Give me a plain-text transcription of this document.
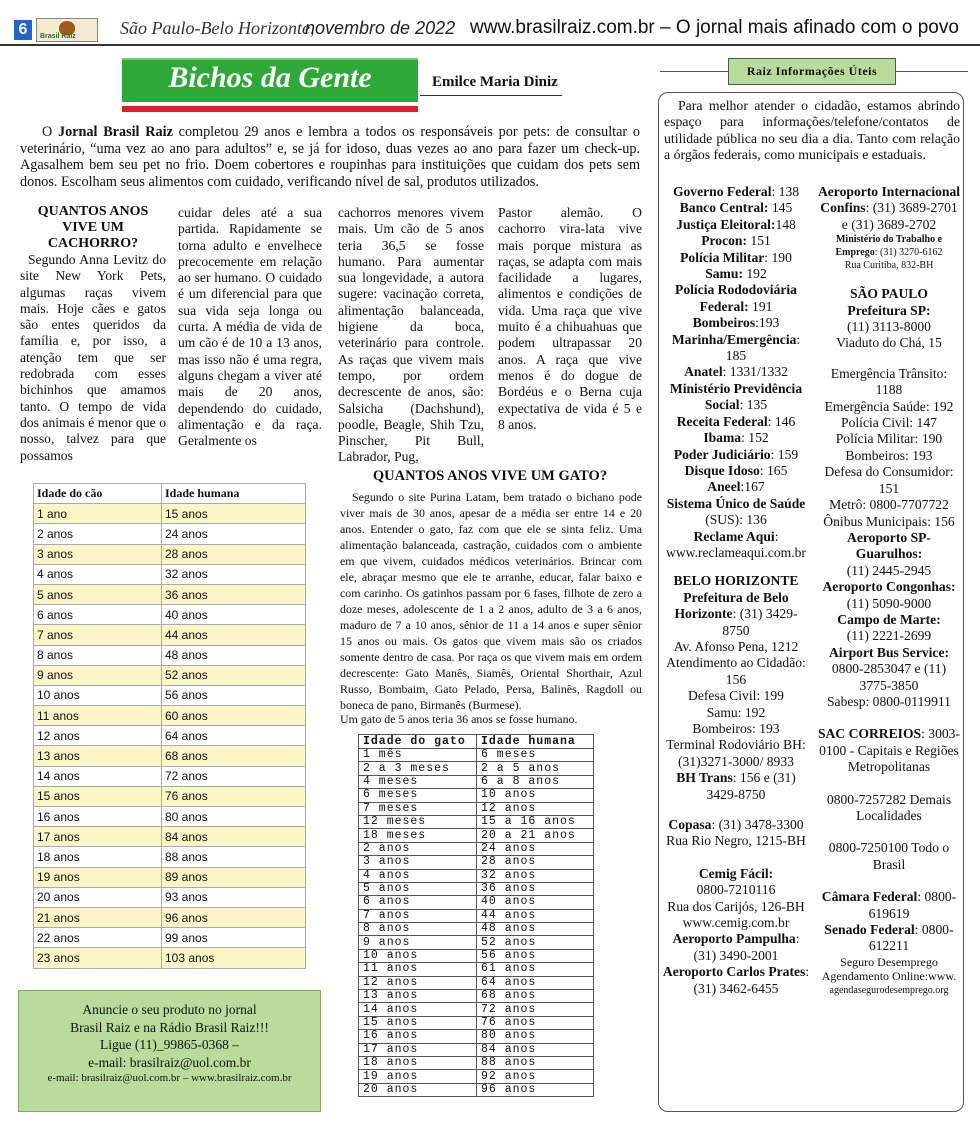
6	Brasil Raiz São Paulo-Belo Horizonte,
novembro de 2022 www.brasilraiz.com.br – O jornal mais afinado com o povo
Bichos da Gente	Emilce Maria Diniz
O Jornal Brasil Raiz completou 29 anos e lembra a todos os responsáveis por pets: de consultar o veterinário, “uma vez ao ano para adultos” e, se já for idoso, duas vezes ao ano para fazer um check-up. Agasalhem bem seu pet no frio. Doem cobertores e roupinhas para instituições que cuidam dos pets sem donos. Escolham seus alimentos com cuidado, verificando nível de sal, produtos utilizados.
QUANTOS ANOS VIVE UM CACHORRO?
Segundo Anna Levitz do site New York Pets, algumas raças vivem mais. Hoje cães e gatos são entes queridos da família e, por isso, a atenção tem que ser redobrada com esses bichinhos que amamos tanto. O tempo de vida dos animais é menor que o nosso, talvez para que possamos
cuidar deles até a sua partida. Rapidamente se torna adulto e envelhece precocemente em relação ao ser humano. O cuidado é um diferencial para que sua vida seja longa ou curta. A média de vida de um cão é de 10 a 13 anos, mas isso não é uma regra, alguns chegam a viver até mais de 20 anos, dependendo do cuidado, alimentação e da raça. Geralmente os
cachorros menores vivem mais. Um cão de 5 anos teria 36,5 se fosse humano. Para aumentar sua longevidade, a autora sugere: vacinação correta, alimentação balanceada, higiene da boca, veterinário para controle. As raças que vivem mais tempo, por ordem decrescente de anos, são: Salsicha (Dachshund), poodle, Beagle, Shih Tzu, Pinscher, Pit Bull, Labrador, Pug,
Pastor alemão. O cachorro vira-lata vive mais porque mistura as raças, se adapta com mais facilidade a lugares, alimentos e condições de vida. Uma raça que vive muito é a chihuahuas que podem ultrapassar 20 anos. A raça que vive menos é do dogue de Bordéus e o Berna cuja expectativa de vida é 5 e 8 anos.
Idade do cão	Idade humana
1 ano	15 anos
2 anos	24 anos
3 anos	28 anos
4 anos	32 anos
5 anos	36 anos
6 anos	40 anos
7 anos	44 anos
8 anos	48 anos
9 anos	52 anos
10 anos	56 anos
11 anos	60 anos
12 anos	64 anos
13 anos	68 anos
14 anos	72 anos
15 anos	76 anos
16 anos	80 anos
17 anos	84 anos
18 anos	88 anos
19 anos	89 anos
20 anos	93 anos
21 anos	96 anos
22 anos	99 anos
23 anos	103 anos
Anuncie o seu produto no jornal
Brasil Raiz e na Rádio Brasil Raiz!!!
Ligue (11)_99865-0368 –
e-mail: brasilraiz@uol.com.br
e-mail: brasilraiz@uol.com.br – www.brasilraiz.com.br
QUANTOS ANOS VIVE UM GATO?
Segundo o site Purina Latam, bem tratado o bichano pode viver mais de 30 anos, apesar de a média ser entre 14 e 20 anos. Entender o gato, faz com que ele se sinta feliz. Uma alimentação balanceada, castração, cuidados com o ambiente em que vivem, cuidados médicos veterinários. Brincar com ele, abraçar mesmo que ele te arranhe, educar, falar baixo e com carinho. Os gatinhos passam por 6 fases, filhote de zero a doze meses, adolescente de 1 a 2 anos, adulto de 3 a 6 anos, maduro de 7 a 10 anos, sênior de 11 a 14 anos e super sênior 15 anos ou mais. Os gatos que vivem mais são os criados somente dentro de casa. Por raça os que vivem mais em ordem decrescente: Gato Manês, Siamês, Oriental Shorthair, Azul Russo, Bombaim, Gato Pelado, Persa, Balinês, Ragdoll ou boneca de pano, Birmanês (Burmese).
Um gato de 5 anos teria 36 anos se fosse humano.
Idade do gato	Idade humana
1 mês	6 meses
2 a 3 meses	2 a 5 anos
4 meses	6 a 8 anos
6 meses	10 anos
7 meses	12 anos
12 meses	15 a 16 anos
18 meses	20 a 21 anos
2 anos	24 anos
3 anos	28 anos
4 anos	32 anos
5 anos	36 anos
6 anos	40 anos
7 anos	44 anos
8 anos	48 anos
9 anos	52 anos
10 anos	56 anos
11 anos	61 anos
12 anos	64 anos
13 anos	68 anos
14 anos	72 anos
15 anos	76 anos
16 anos	80 anos
17 anos	84 anos
18 anos	88 anos
19 anos	92 anos
20 anos	96 anos
Raiz Informações Úteis
Para melhor atender o cidadão, estamos abrindo espaço para informações/telefone/contatos de utilidade pública no seu dia a dia. Tanto com relação a órgãos federais, como municipais e estaduais.
Governo Federal: 138
Banco Central: 145
Justiça Eleitoral:148
Procon: 151
Polícia Militar: 190
Samu: 192
Polícia Rododoviária Federal: 191
Bombeiros:193
Marinha/Emergência: 185
Anatel: 1331/1332
Ministério Previdência Social: 135
Receita Federal: 146
Ibama: 152
Poder Judiciário: 159
Disque Idoso: 165
Aneel:167
Sistema Único de Saúde (SUS): 136
Reclame Aqui:
www.reclameaqui.com.br
BELO HORIZONTE
Prefeitura de Belo Horizonte: (31) 3429-8750
Av. Afonso Pena, 1212
Atendimento ao Cidadão: 156
Defesa Civil: 199
Samu: 192
Bombeiros: 193
Terminal Rodoviário BH: (31)3271-3000/ 8933
BH Trans: 156 e (31) 3429-8750
Copasa: (31) 3478-3300
Rua Rio Negro, 1215-BH
Cemig Fácil:
0800-7210116
Rua dos Carijós, 126-BH
www.cemig.com.br
Aeroporto Pampulha: (31) 3490-2001
Aeroporto Carlos Prates: (31) 3462-6455
Aeroporto Internacional Confins: (31) 3689-2701 e (31) 3689-2702
Ministério do Trabalho e Emprego: (31) 3270-6162
Rua Curitiba, 832-BH
SÃO PAULO
Prefeitura SP:
(11) 3113-8000
Viaduto do Chá, 15
Emergência Trânsito: 1188
Emergência Saúde: 192
Polícia Civil: 147
Polícia Militar: 190
Bombeiros: 193
Defesa do Consumidor: 151
Metrô: 0800-7707722
Ônibus Municipais: 156
Aeroporto SP-Guarulhos:
(11) 2445-2945
Aeroporto Congonhas:
(11) 5090-9000
Campo de Marte:
(11) 2221-2699
Airport Bus Service:
0800-2853047 e (11) 3775-3850
Sabesp: 0800-0119911
SAC CORREIOS: 3003-0100 - Capitais e Regiões Metropolitanas
0800-7257282 Demais Localidades
0800-7250100 Todo o Brasil
Câmara Federal: 0800-619619
Senado Federal: 0800-612211
Seguro Desemprego Agendamento Online:www.
agendasegurodesemprego.org
